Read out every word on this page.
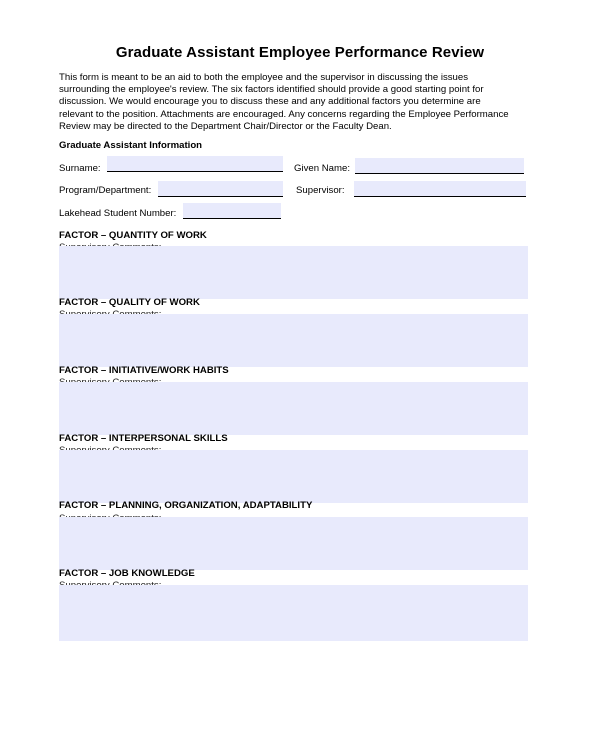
Graduate Assistant Employee Performance Review
This form is meant to be an aid to both the employee and the supervisor in discussing the issues
surrounding the employee's review. The six factors identified should provide a good starting point for
discussion. We would encourage you to discuss these and any additional factors you determine are
relevant to the position. Attachments are encouraged. Any concerns regarding the Employee Performance
Review may be directed to the Department Chair/Director or the Faculty Dean.
Graduate Assistant Information
Surname:	Given Name:
Program/Department:	Supervisor:
Lakehead Student Number:
FACTOR – QUANTITY OF WORK
FACTOR – QUALITY OF WORK
FACTOR – INITIATIVE/WORK HABITS
FACTOR – INTERPERSONAL SKILLS
FACTOR – PLANNING, ORGANIZATION, ADAPTABILITY
FACTOR – JOB KNOWLEDGE
